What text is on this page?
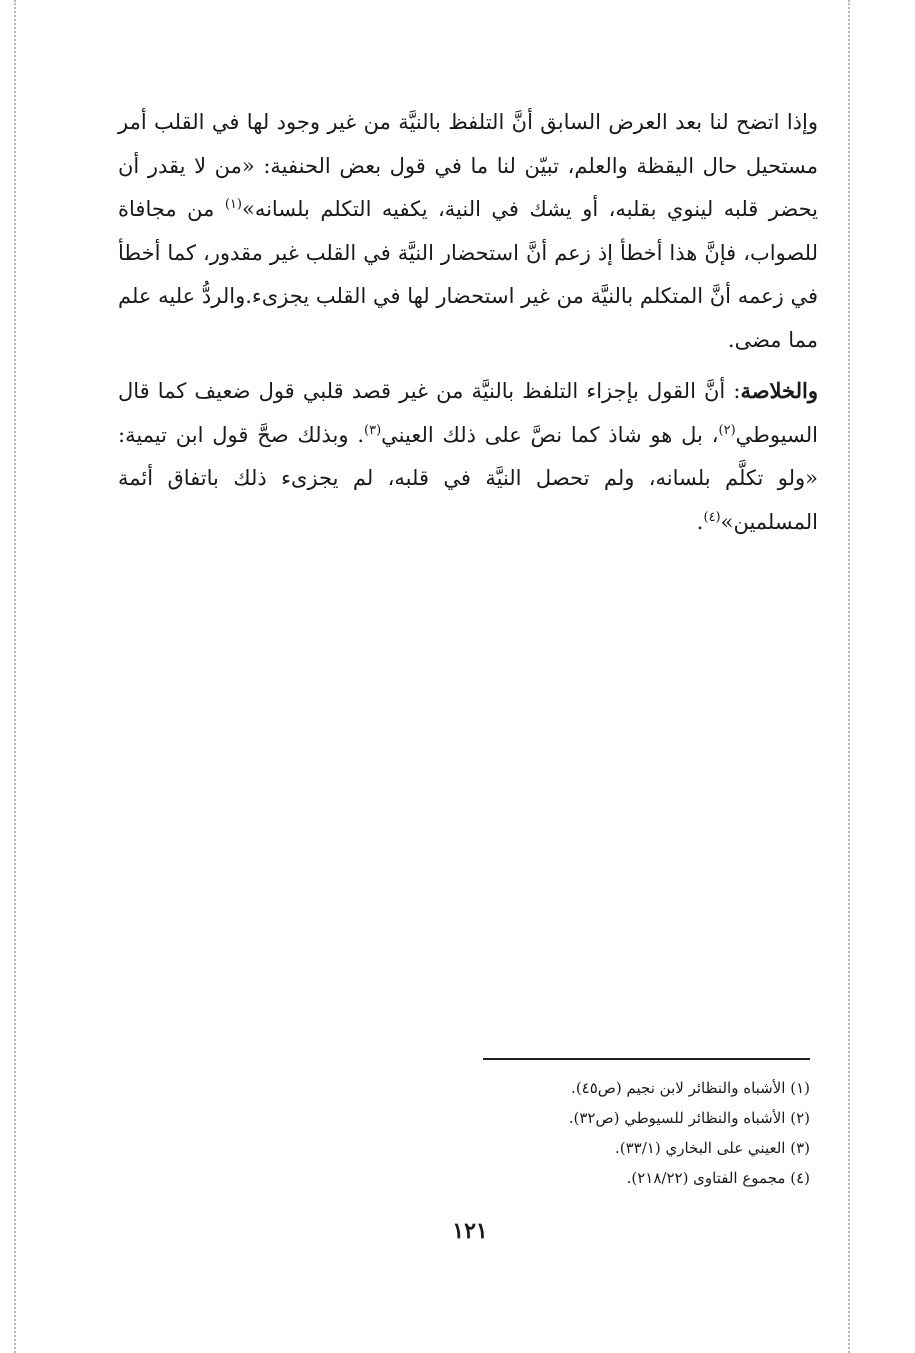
وإذا اتضح لنا بعد العرض السابق أنَّ التلفظ بالنيَّة من غير وجود لها في القلب أمر مستحيل حال اليقظة والعلم، تبيّن لنا ما في قول بعض الحنفية: «من لا يقدر أن يحضر قلبه لينوي بقلبه، أو يشك في النية، يكفيه التكلم بلسانه»$^{(١)}$ من مجافاة للصواب، فإنَّ هذا أخطأ إذ زعم أنَّ استحضار النيَّة في القلب غير مقدور، كما أخطأ في زعمه أنَّ المتكلم بالنيَّة من غير استحضار لها في القلب يجزىء.والردُّ عليه علم مما مضى.

والخلاصة: أنَّ القول بإجزاء التلفظ بالنيَّة من غير قصد قلبي قول ضعيف كما قال السيوطي$^{(٢)}$، بل هو شاذ كما نصَّ على ذلك العيني$^{(٣)}$. وبذلك صحَّ قول ابن تيمية: «ولو تكلَّم بلسانه، ولم تحصل النيَّة في قلبه، لم يجزىء ذلك باتفاق أئمة المسلمين»$^{(٤)}$.

(١) الأشباه والنظائر لابن نجيم (ص٤٥).
(٢) الأشباه والنظائر للسيوطي (ص٣٢).
(٣) العيني على البخاري (٣٣/١).
(٤) مجموع الفتاوى (٢١٨/٢٢).
١٢١
